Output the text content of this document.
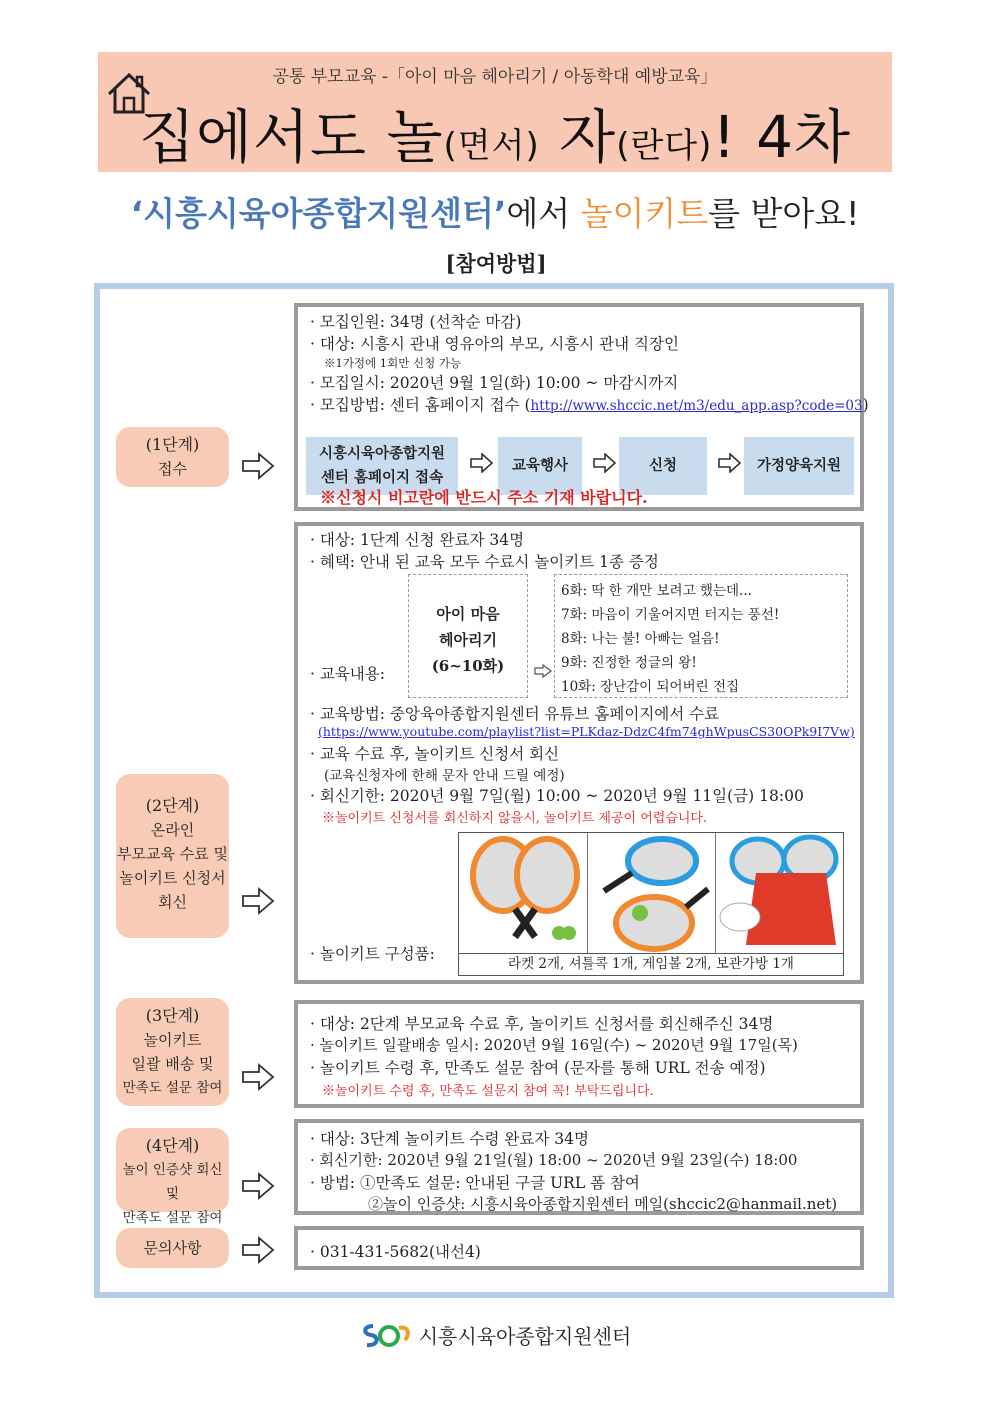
공통 부모교육 -「아이 마음 헤아리기 / 아동학대 예방교육」
집에서도 놀(면서) 자(란다)! 4차
‘시흥시육아종합지원센터’에서 놀이키트를 받아요!
[참여방법]
(1단계)
접수
· 모집인원: 34명 (선착순 마감)
· 대상: 시흥시 관내 영유아의 부모, 시흥시 관내 직장인
※1가정에 1회만 신청 가능
· 모집일시: 2020년 9월 1일(화) 10:00 ~ 마감시까지
· 모집방법: 센터 홈페이지 접수 (http://www.shccic.net/m3/edu_app.asp?code=03)
시흥시육아종합지원센터 홈페이지 접속
교육행사	신청	가정양육지원
※신청시 비고란에 반드시 주소 기재 바랍니다.
(2단계)
온라인
부모교육 수료 및
놀이키트 신청서
회신
· 대상: 1단계 신청 완료자 34명
· 혜택: 안내 된 교육 모두 수료시 놀이키트 1종 증정
아이 마음
헤아리기
(6~10화)
· 교육내용:
6화: 딱 한 개만 보려고 했는데...
7화: 마음이 기울어지면 터지는 풍선!
8화: 나는 불! 아빠는 얼음!
9화: 진정한 정글의 왕!
10화: 장난감이 되어버린 전집
· 교육방법: 중앙육아종합지원센터 유튜브 홈페이지에서 수료
(https://www.youtube.com/playlist?list=PLKdaz-DdzC4fm74ghWpusCS30OPk9I7Vw)
· 교육 수료 후, 놀이키트 신청서 회신
(교육신청자에 한해 문자 안내 드릴 예정)
· 회신기한: 2020년 9월 7일(월) 10:00 ~ 2020년 9월 11일(금) 18:00
※놀이키트 신청서를 회신하지 않을시, 놀이키트 제공이 어렵습니다.
· 놀이키트 구성품:
라켓 2개, 셔틀콕 1개, 게임볼 2개, 보관가방 1개
(3단계)
놀이키트
일괄 배송 및
만족도 설문 참여
· 대상: 2단계 부모교육 수료 후, 놀이키트 신청서를 회신해주신 34명
· 놀이키트 일괄배송 일시: 2020년 9월 16일(수) ~ 2020년 9월 17일(목)
· 놀이키트 수령 후, 만족도 설문 참여 (문자를 통해 URL 전송 예정)
※놀이키트 수령 후, 만족도 설문지 참여 꼭! 부탁드립니다.
(4단계)
놀이 인증샷 회신 및
만족도 설문 참여
· 대상: 3단계 놀이키트 수령 완료자 34명
· 회신기한: 2020년 9월 21일(월) 18:00 ~ 2020년 9월 23일(수) 18:00
· 방법: ①만족도 설문: 안내된 구글 URL 폼 참여
②놀이 인증샷: 시흥시육아종합지원센터 메일(shccic2@hanmail.net)
문의사항	· 031-431-5682(내선4)
시흥시육아종합지원센터
